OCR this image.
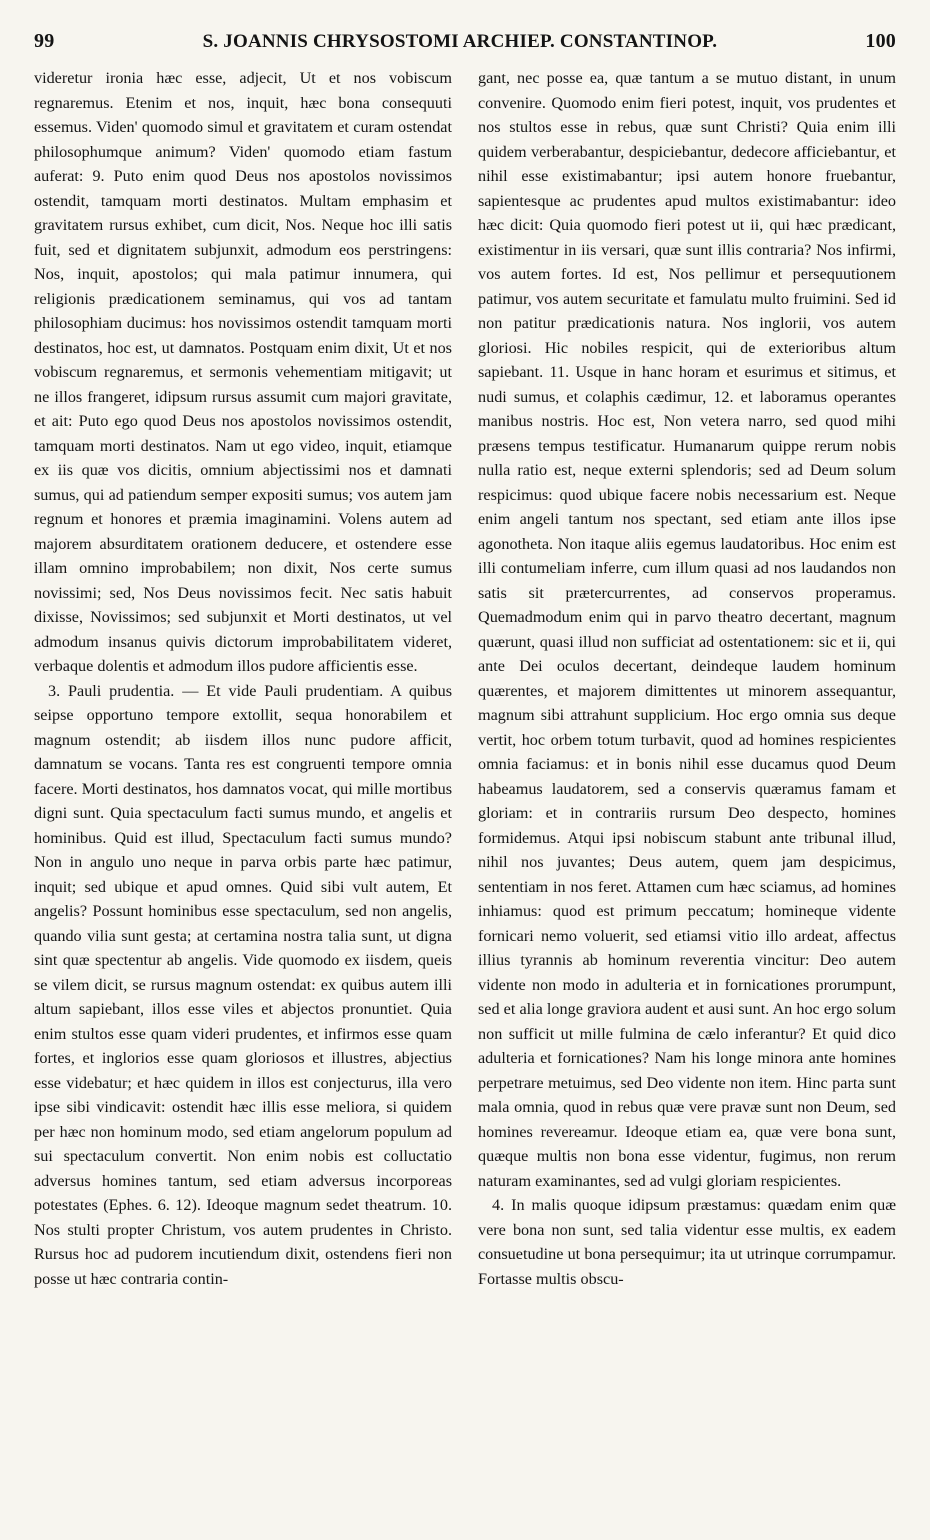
99	S. JOANNIS CHRYSOSTOMI ARCHIEP. CONSTANTINOP.	100

videretur ironia hæc esse, adjecit, Ut et nos vobiscum regnaremus. Etenim et nos, inquit, hæc bona consequuti essemus. Viden' quomodo simul et gravitatem et curam ostendat philosophumque animum? Viden' quomodo etiam fastum auferat: 9. Puto enim quod Deus nos apostolos novissimos ostendit, tamquam morti destinatos. Multam emphasim et gravitatem rursus exhibet, cum dicit, Nos. Neque hoc illi satis fuit, sed et dignitatem subjunxit, admodum eos perstringens: Nos, inquit, apostolos; qui mala patimur innumera, qui religionis prædicationem seminamus, qui vos ad tantam philosophiam ducimus: hos novissimos ostendit tamquam morti destinatos, hoc est, ut damnatos. Postquam enim dixit, Ut et nos vobiscum regnaremus, et sermonis vehementiam mitigavit; ut ne illos frangeret, idipsum rursus assumit cum majori gravitate, et ait: Puto ego quod Deus nos apostolos novissimos ostendit, tamquam morti destinatos. Nam ut ego video, inquit, etiamque ex iis quæ vos dicitis, omnium abjectissimi nos et damnati sumus, qui ad patiendum semper expositi sumus; vos autem jam regnum et honores et præmia imaginamini. Volens autem ad majorem absurditatem orationem deducere, et ostendere esse illam omnino improbabilem; non dixit, Nos certe sumus novissimi; sed, Nos Deus novissimos fecit. Nec satis habuit dixisse, Novissimos; sed subjunxit et Morti destinatos, ut vel admodum insanus quivis dictorum improbabilitatem videret, verbaque dolentis et admodum illos pudore afficientis esse.

3. Pauli prudentia. — Et vide Pauli prudentiam. A quibus seipse opportuno tempore extollit, sequa honorabilem et magnum ostendit; ab iisdem illos nunc pudore afficit, damnatum se vocans. Tanta res est congruenti tempore omnia facere. Morti destinatos, hos damnatos vocat, qui mille mortibus digni sunt. Quia spectaculum facti sumus mundo, et angelis et hominibus. Quid est illud, Spectaculum facti sumus mundo? Non in angulo uno neque in parva orbis parte hæc patimur, inquit; sed ubique et apud omnes. Quid sibi vult autem, Et angelis? Possunt hominibus esse spectaculum, sed non angelis, quando vilia sunt gesta; at certamina nostra talia sunt, ut digna sint quæ spectentur ab angelis. Vide quomodo ex iisdem, queis se vilem dicit, se rursus magnum ostendat: ex quibus autem illi altum sapiebant, illos esse viles et abjectos pronuntiet. Quia enim stultos esse quam videri prudentes, et infirmos esse quam fortes, et inglorios esse quam gloriosos et illustres, abjectius esse videbatur; et hæc quidem in illos est conjecturus, illa vero ipse sibi vindicavit: ostendit hæc illis esse meliora, si quidem per hæc non hominum modo, sed etiam angelorum populum ad sui spectaculum convertit. Non enim nobis est colluctatio adversus homines tantum, sed etiam adversus incorporeas potestates (Ephes. 6. 12). Ideoque magnum sedet theatrum. 10. Nos stulti propter Christum, vos autem prudentes in Christo. Rursus hoc ad pudorem incutiendum dixit, ostendens fieri non posse ut hæc contraria contin-

gant, nec posse ea, quæ tantum a se mutuo distant, in unum convenire. Quomodo enim fieri potest, inquit, vos prudentes et nos stultos esse in rebus, quæ sunt Christi? Quia enim illi quidem verberabantur, despiciebantur, dedecore afficiebantur, et nihil esse existimabantur; ipsi autem honore fruebantur, sapientesque ac prudentes apud multos existimabantur: ideo hæc dicit: Quia quomodo fieri potest ut ii, qui hæc prædicant, existimentur in iis versari, quæ sunt illis contraria? Nos infirmi, vos autem fortes. Id est, Nos pellimur et persequutionem patimur, vos autem securitate et famulatu multo fruimini. Sed id non patitur prædicationis natura. Nos inglorii, vos autem gloriosi. Hic nobiles respicit, qui de exterioribus altum sapiebant. 11. Usque in hanc horam et esurimus et sitimus, et nudi sumus, et colaphis cædimur, 12. et laboramus operantes manibus nostris. Hoc est, Non vetera narro, sed quod mihi præsens tempus testificatur. Humanarum quippe rerum nobis nulla ratio est, neque externi splendoris; sed ad Deum solum respicimus: quod ubique facere nobis necessarium est. Neque enim angeli tantum nos spectant, sed etiam ante illos ipse agonotheta. Non itaque aliis egemus laudatoribus. Hoc enim est illi contumeliam inferre, cum illum quasi ad nos laudandos non satis sit prætercurrentes, ad conservos properamus. Quemadmodum enim qui in parvo theatro decertant, magnum quærunt, quasi illud non sufficiat ad ostentationem: sic et ii, qui ante Dei oculos decertant, deindeque laudem hominum quærentes, et majorem dimittentes ut minorem assequantur, magnum sibi attrahunt supplicium. Hoc ergo omnia sus deque vertit, hoc orbem totum turbavit, quod ad homines respicientes omnia faciamus: et in bonis nihil esse ducamus quod Deum habeamus laudatorem, sed a conservis quæramus famam et gloriam: et in contrariis rursum Deo despecto, homines formidemus. Atqui ipsi nobiscum stabunt ante tribunal illud, nihil nos juvantes; Deus autem, quem jam despicimus, sententiam in nos feret. Attamen cum hæc sciamus, ad homines inhiamus: quod est primum peccatum; homineque vidente fornicari nemo voluerit, sed etiamsi vitio illo ardeat, affectus illius tyrannis ab hominum reverentia vincitur: Deo autem vidente non modo in adulteria et in fornicationes prorumpunt, sed et alia longe graviora audent et ausi sunt. An hoc ergo solum non sufficit ut mille fulmina de cælo inferantur? Et quid dico adulteria et fornicationes? Nam his longe minora ante homines perpetrare metuimus, sed Deo vidente non item. Hinc parta sunt mala omnia, quod in rebus quæ vere pravæ sunt non Deum, sed homines revereamur. Ideoque etiam ea, quæ vere bona sunt, quæque multis non bona esse videntur, fugimus, non rerum naturam examinantes, sed ad vulgi gloriam respicientes.

4. In malis quoque idipsum præstamus: quædam enim quæ vere bona non sunt, sed talia videntur esse multis, ex eadem consuetudine ut bona persequimur; ita ut utrinque corrumpamur. Fortasse multis obscu-
